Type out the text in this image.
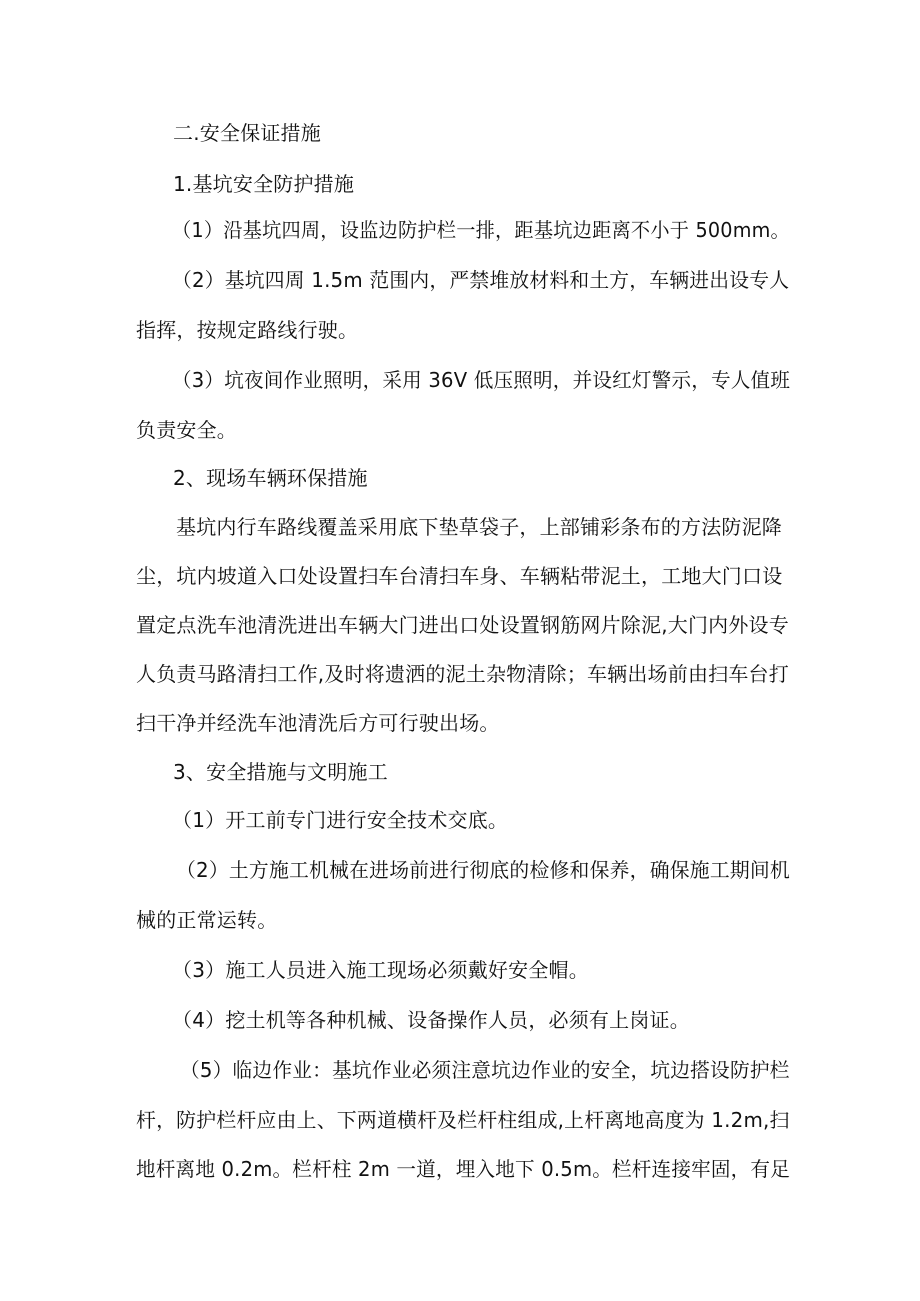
二.安全保证措施
1.基坑安全防护措施
（1）沿基坑四周，设监边防护栏一排，距基坑边距离不小于 500mm。
（2）基坑四周 1.5m 范围内，严禁堆放材料和土方，车辆进出设专人
指挥，按规定路线行驶。
（3）坑夜间作业照明，采用 36V 低压照明，并设红灯警示，专人值班
负责安全。
2、现场车辆环保措施
基坑内行车路线覆盖采用底下垫草袋子，上部铺彩条布的方法防泥降
尘，坑内坡道入口处设置扫车台清扫车身、车辆粘带泥土，工地大门口设
置定点洗车池清洗进出车辆大门进出口处设置钢筋网片除泥,大门内外设专
人负责马路清扫工作,及时将遗洒的泥土杂物清除；车辆出场前由扫车台打
扫干净并经洗车池清洗后方可行驶出场。
3、安全措施与文明施工
（1）开工前专门进行安全技术交底。
（2）土方施工机械在进场前进行彻底的检修和保养，确保施工期间机
械的正常运转。
（3）施工人员进入施工现场必须戴好安全帽。
（4）挖土机等各种机械、设备操作人员，必须有上岗证。
（5）临边作业：基坑作业必须注意坑边作业的安全，坑边搭设防护栏
杆，防护栏杆应由上、下两道横杆及栏杆柱组成,上杆离地高度为 1.2m,扫
地杆离地 0.2m。栏杆柱 2m 一道，埋入地下 0.5m。栏杆连接牢固，有足
